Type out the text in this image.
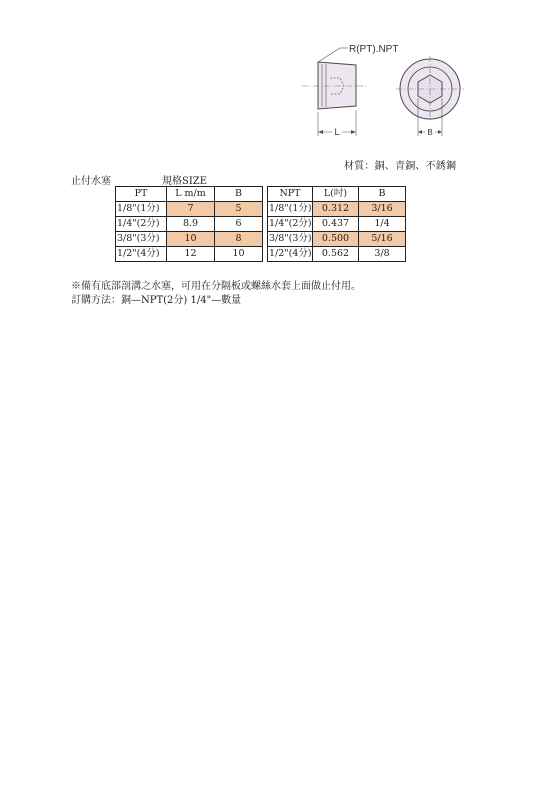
L
R(PT).NPT
B
材質：銅、青銅、不銹鋼
止付水塞	規格SIZE
PT	L m/m	B		NPT	L(吋)	B
1/8"(1分)	7	5		1/8"(1分)	0.312	3/16
1/4"(2分)	8.9	6		1/4"(2分)	0.437	1/4
3/8"(3分)	10	8		3/8"(3分)	0.500	5/16
1/2"(4分)	12	10		1/2"(4分)	0.562	3/8
※備有底部剖溝之水塞，可用在分隔板或螺絲水套上面做止付用。
訂購方法：銅—NPT(2分) 1/4"—數量
